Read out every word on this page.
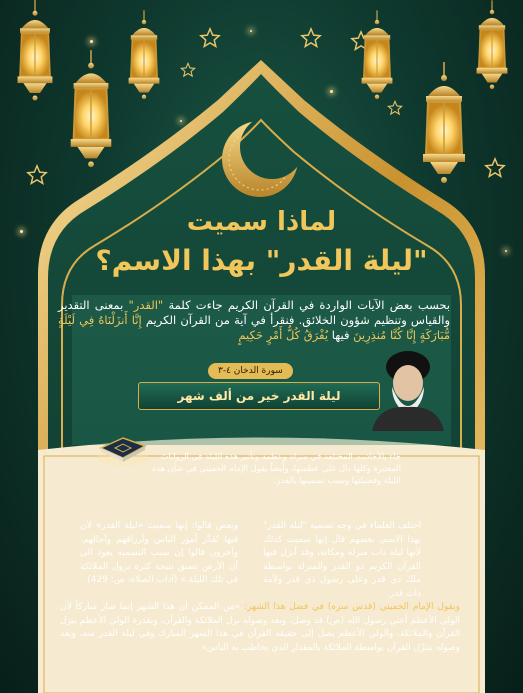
لماذا سميت
"ليلة القدر" بهذا الاسم؟
بحسب بعض الآيات الواردة في القرآن الكريم جاءت كلمة "القدر" بمعنى التقدير والقياس وتنظيم شؤون الخلائق. فنقرأ في آية من القرآن الكريم إِنَّا أَنزَلْنَاهُ فِي لَيْلَةٍ مُّبَارَكَةٍ إِنَّا كُنَّا مُنذِرِينَ فيها يُفْرَقُ كُلُّ أَمْرٍ حَكِيمٍ
سورة الدخان ٤-٣
ليلة القدر خير من ألف شهر
جاء بالأحاديث المختلفة في منزلة وعظمة وتأثير هذه الليلة في الروايات المعتبرة وكلها دال على عظمتها، وأيضاً يقول الإمام الخميني في شأن هذه الليلة وفضيلتها وسبب تسميتها بالقدر:
اختلف العلماء في وجه تسمية "ليلة القدر" بهذا الاسم، بعضهم قال إنها سميت كذلك لأنها ليلة ذات منزلة ومكانة، وقد أنزل فيها القرآن الكريم ذو القدر والمنزلة بواسطة ملك ذي قدر وعلى رسول ذي قدر ولأمة ذات قدر.
وبعض قالوا: إنها سميت «ليلة القدر» لأن فيها تُقَدَّر أمور الناس وأرزاقهم وآجالهم، وآخرون قالوا إن سبب التسمية يعود الى أن الأرض تضيق نتيجة كثرة نزول الملائكة في تلك الليلة.» (آداب الصلاة، ص: 429)
ويقول الإمام الخميني (قدس سره) في فضل هذا الشهر: «من الممكن أن هذا الشهر إنما صار مباركاً لأن الولي الأعظم أعني رسول الله (ص) قد وصل، وبعد وصوله نزل الملائكة والقرآن، وبقدرة الولي الأعظم ينزل القرآن والملائكة، والولي الأعظم يصل إلى حقيقة القرآن في هذا الشهر المبارك وفي ليلة القدر منه، وبعد وصوله يتنزّل القرآن بواسطة الملائكة بالمقدار الذي يخاطب به الناس».
